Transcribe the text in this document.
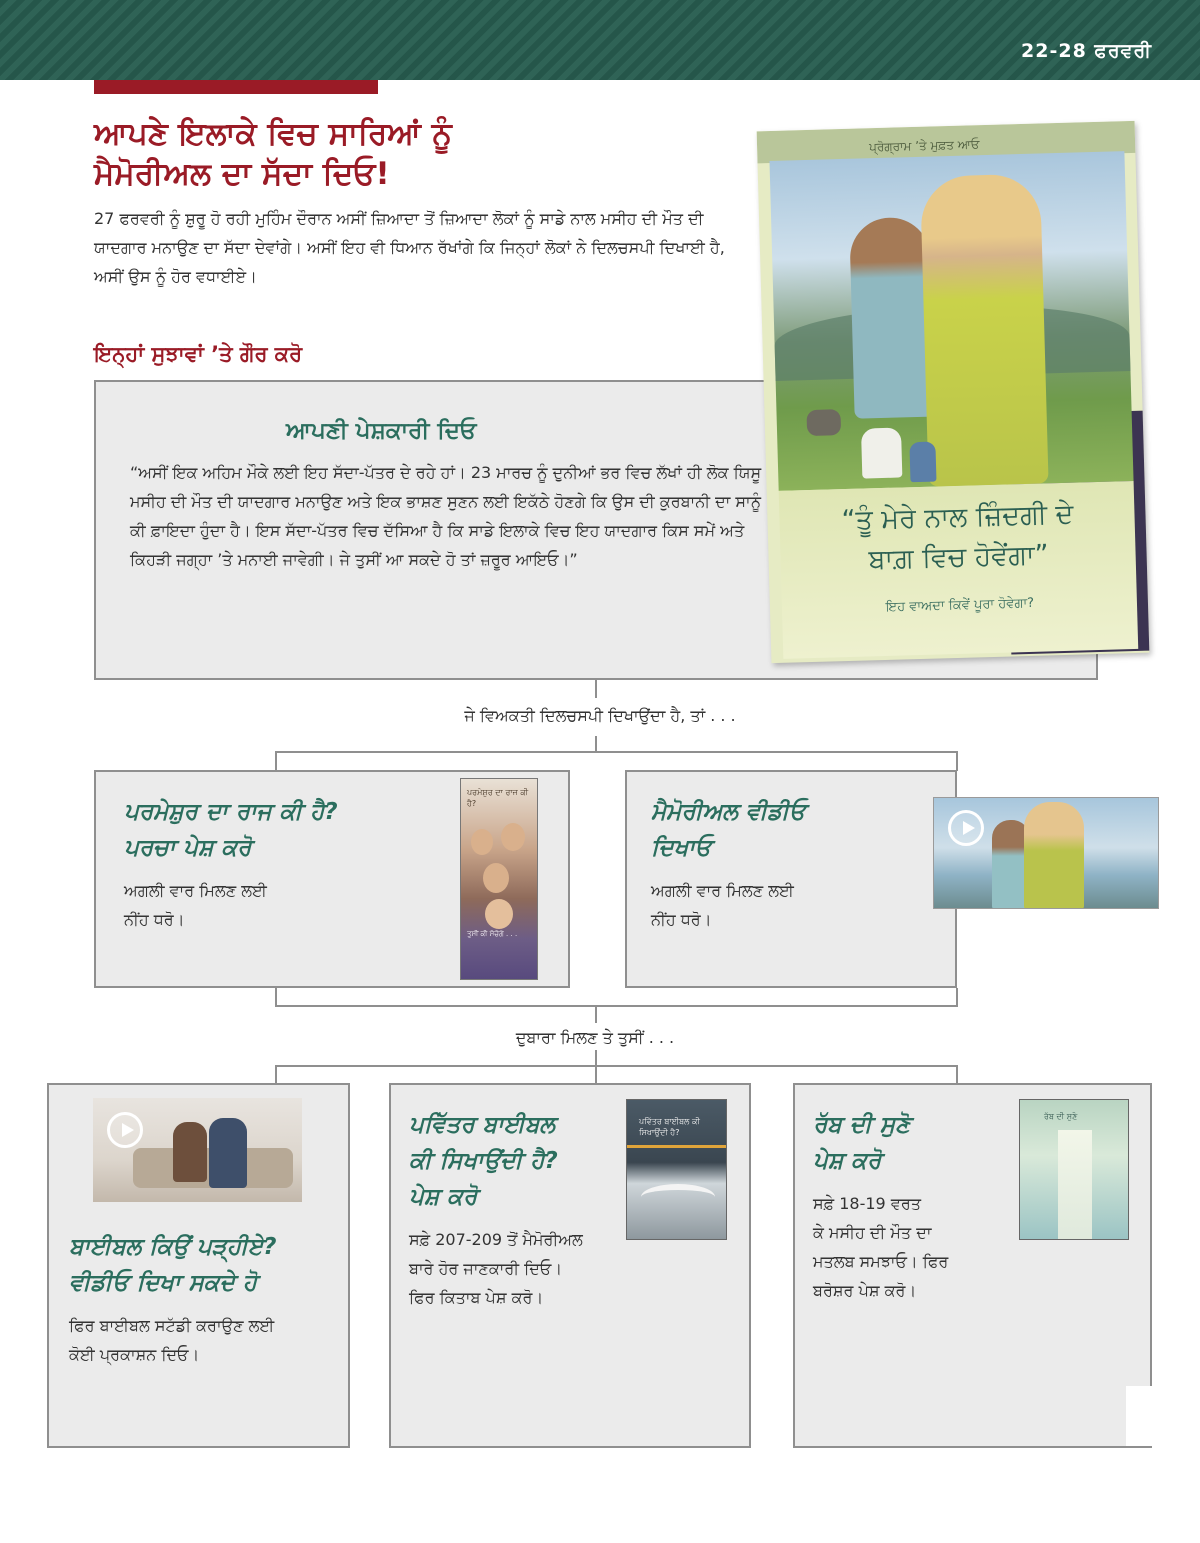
22-28 ਫਰਵਰੀ
ਆਪਣੇ ਇਲਾਕੇ ਵਿਚ ਸਾਰਿਆਂ ਨੂੰ
ਮੈਮੋਰੀਅਲ ਦਾ ਸੱਦਾ ਦਿਓ!
27 ਫਰਵਰੀ ਨੂੰ ਸ਼ੁਰੂ ਹੋ ਰਹੀ ਮੁਹਿੰਮ ਦੌਰਾਨ ਅਸੀਂ ਜ਼ਿਆਦਾ ਤੋਂ ਜ਼ਿਆਦਾ ਲੋਕਾਂ ਨੂੰ ਸਾਡੇ ਨਾਲ ਮਸੀਹ ਦੀ ਮੌਤ ਦੀ ਯਾਦਗਾਰ ਮਨਾਉਣ ਦਾ ਸੱਦਾ ਦੇਵਾਂਗੇ। ਅਸੀਂ ਇਹ ਵੀ ਧਿਆਨ ਰੱਖਾਂਗੇ ਕਿ ਜਿਨ੍ਹਾਂ ਲੋਕਾਂ ਨੇ ਦਿਲਚਸਪੀ ਦਿਖਾਈ ਹੈ, ਅਸੀਂ ਉਸ ਨੂੰ ਹੋਰ ਵਧਾਈਏ।
ਇਨ੍ਹਾਂ ਸੁਝਾਵਾਂ ’ਤੇ ਗੌਰ ਕਰੋ
ਆਪਣੀ ਪੇਸ਼ਕਾਰੀ ਦਿਓ
“ਅਸੀਂ ਇਕ ਅਹਿਮ ਮੌਕੇ ਲਈ ਇਹ ਸੱਦਾ-ਪੱਤਰ ਦੇ ਰਹੇ ਹਾਂ। 23 ਮਾਰਚ ਨੂੰ ਦੁਨੀਆਂ ਭਰ ਵਿਚ ਲੱਖਾਂ ਹੀ ਲੋਕ ਯਿਸੂ ਮਸੀਹ ਦੀ ਮੌਤ ਦੀ ਯਾਦਗਾਰ ਮਨਾਉਣ ਅਤੇ ਇਕ ਭਾਸ਼ਣ ਸੁਣਨ ਲਈ ਇਕੱਠੇ ਹੋਣਗੇ ਕਿ ਉਸ ਦੀ ਕੁਰਬਾਨੀ ਦਾ ਸਾਨੂੰ ਕੀ ਫ਼ਾਇਦਾ ਹੁੰਦਾ ਹੈ। ਇਸ ਸੱਦਾ-ਪੱਤਰ ਵਿਚ ਦੱਸਿਆ ਹੈ ਕਿ ਸਾਡੇ ਇਲਾਕੇ ਵਿਚ ਇਹ ਯਾਦਗਾਰ ਕਿਸ ਸਮੇਂ ਅਤੇ ਕਿਹੜੀ ਜਗ੍ਹਾ ’ਤੇ ਮਨਾਈ ਜਾਵੇਗੀ। ਜੇ ਤੁਸੀਂ ਆ ਸਕਦੇ ਹੋ ਤਾਂ ਜ਼ਰੂਰ ਆਇਓ।”
ਪ੍ਰੋਗ੍ਰਾਮ ’ਤੇ ਮੁਫ਼ਤ ਆਓ
“ਤੂੰ ਮੇਰੇ ਨਾਲ ਜ਼ਿੰਦਗੀ ਦੇ
ਬਾਗ਼ ਵਿਚ ਹੋਵੇਂਗਾ”
ਇਹ ਵਾਅਦਾ ਕਿਵੇਂ ਪੂਰਾ ਹੋਵੇਗਾ?
ਜੇ ਵਿਅਕਤੀ ਦਿਲਚਸਪੀ ਦਿਖਾਉਂਦਾ ਹੈ, ਤਾਂ . . .
ਪਰਮੇਸ਼ੁਰ ਦਾ ਰਾਜ ਕੀ ਹੈ?
ਪਰਚਾ ਪੇਸ਼ ਕਰੋ
ਅਗਲੀ ਵਾਰ ਮਿਲਣ ਲਈ
ਨੀਂਹ ਧਰੋ।
ਪਰਮੇਸ਼ੁਰ ਦਾ ਰਾਜ ਕੀ ਹੈ?
ਤੁਸੀਂ ਕੀ ਸੋਚੋਗੇ . . .
ਮੈਮੋਰੀਅਲ ਵੀਡੀਓ
ਦਿਖਾਓ
ਅਗਲੀ ਵਾਰ ਮਿਲਣ ਲਈ
ਨੀਂਹ ਧਰੋ।
ਦੁਬਾਰਾ ਮਿਲਣ ਤੇ ਤੁਸੀਂ . . .
ਬਾਈਬਲ ਕਿਉਂ ਪੜ੍ਹੀਏ?
ਵੀਡੀਓ ਦਿਖਾ ਸਕਦੇ ਹੋ
ਫਿਰ ਬਾਈਬਲ ਸਟੱਡੀ ਕਰਾਉਣ ਲਈ
ਕੋਈ ਪ੍ਰਕਾਸ਼ਨ ਦਿਓ।
ਪਵਿੱਤਰ ਬਾਈਬਲ
ਕੀ ਸਿਖਾਉਂਦੀ ਹੈ?
ਪੇਸ਼ ਕਰੋ
ਸਫ਼ੇ 207-209 ਤੋਂ ਮੈਮੋਰੀਅਲ
ਬਾਰੇ ਹੋਰ ਜਾਣਕਾਰੀ ਦਿਓ।
ਫਿਰ ਕਿਤਾਬ ਪੇਸ਼ ਕਰੋ।
ਪਵਿੱਤਰ ਬਾਈਬਲ ਕੀ ਸਿਖਾਉਂਦੀ ਹੈ?	ਰੱਬ ਦੀ ਸੁਣੋ
ਪੇਸ਼ ਕਰੋ
ਸਫ਼ੇ 18-19 ਵਰਤ
ਕੇ ਮਸੀਹ ਦੀ ਮੌਤ ਦਾ
ਮਤਲਬ ਸਮਝਾਓ। ਫਿਰ
ਬਰੋਸ਼ਰ ਪੇਸ਼ ਕਰੋ।
ਰੱਬ ਦੀ ਸੁਣੋ
